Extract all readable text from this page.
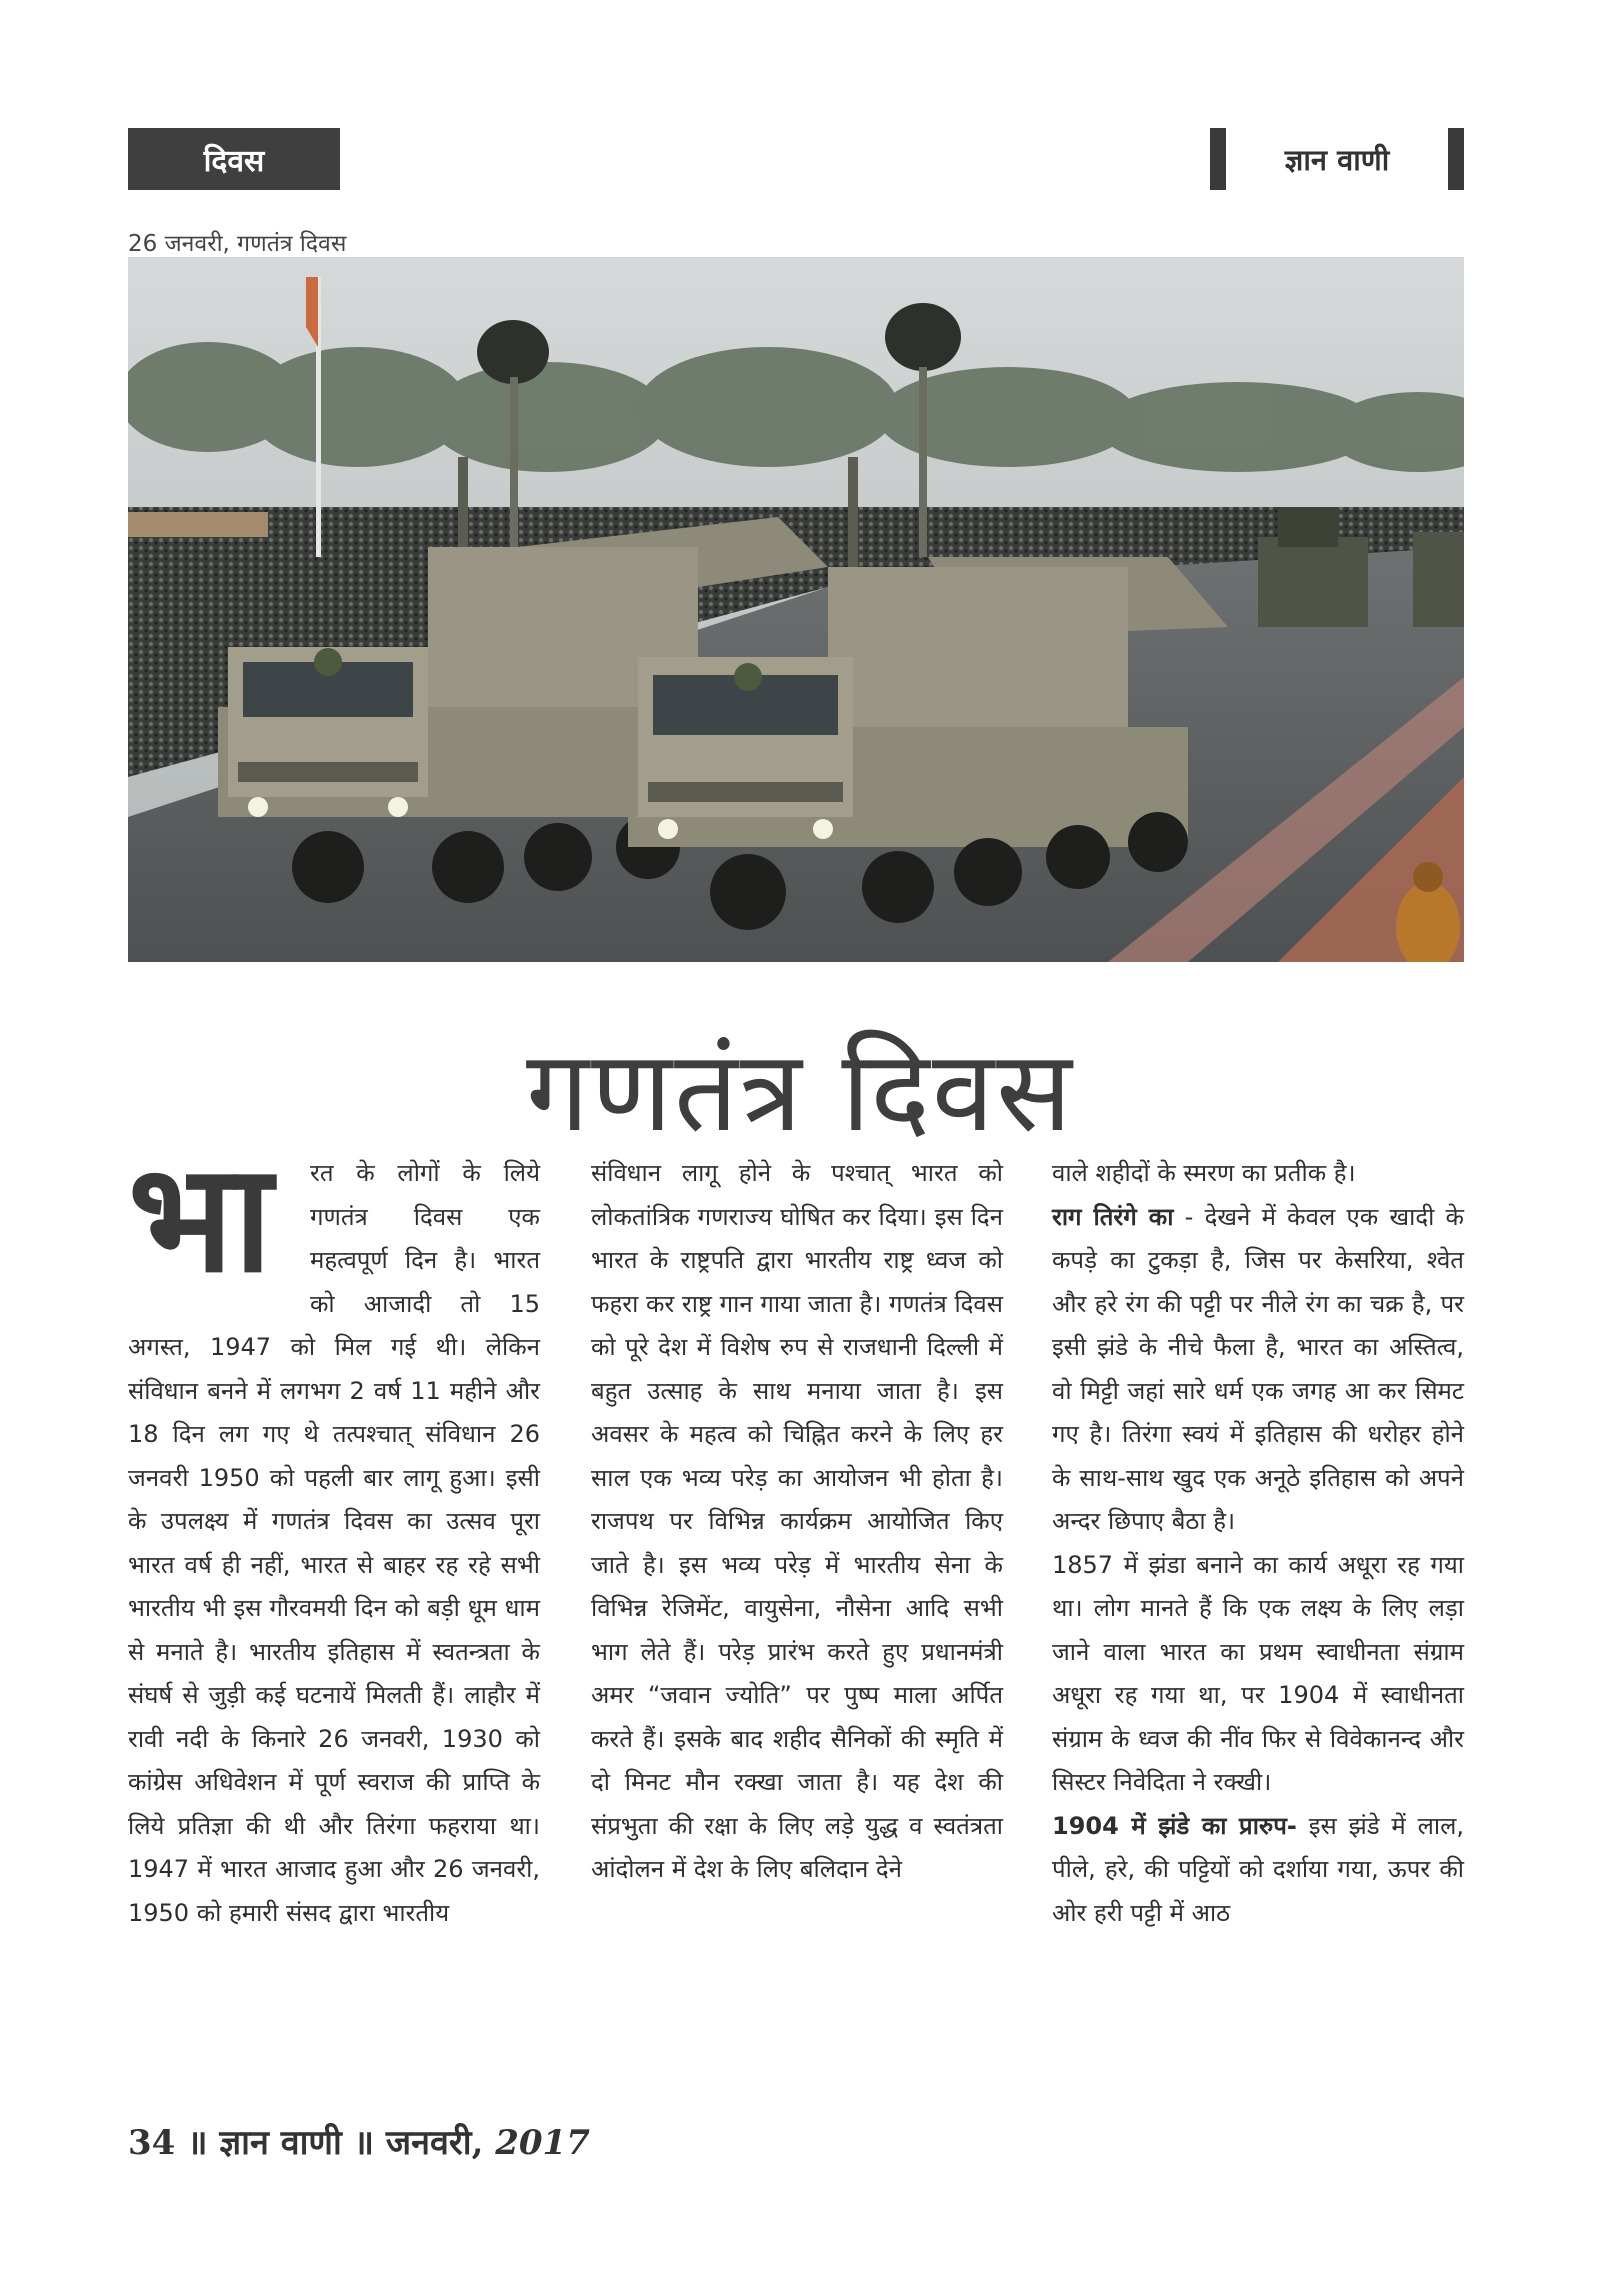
दिवस	ज्ञान वाणी
26 जनवरी, गणतंत्र दिवस
गणतंत्र दिवस
भा	रत के लोगों के लिये गणतंत्र दिवस एक महत्वपूर्ण दिन है। भारत को आजादी तो 15 अगस्त, 1947 को मिल गई थी। लेकिन संविधान बनने में लगभग 2 वर्ष 11 महीने और 18 दिन लग गए थे तत्पश्चात् संविधान 26 जनवरी 1950 को पहली बार लागू हुआ। इसी के उपलक्ष्य में गणतंत्र दिवस का उत्सव पूरा भारत वर्ष ही नहीं, भारत से बाहर रह रहे सभी भारतीय भी इस गौरवमयी दिन को बड़ी धूम धाम से मनाते है। भारतीय इतिहास में स्वतन्त्रता के संघर्ष से जुड़ी कई घटनायें मिलती हैं। लाहौर में रावी नदी के किनारे 26 जनवरी, 1930 को कांग्रेस अधिवेशन में पूर्ण स्वराज की प्राप्ति के लिये प्रतिज्ञा की थी और तिरंगा फहराया था। 1947 में भारत आजाद हुआ और 26 जनवरी, 1950 को हमारी संसद द्वारा भारतीय

संविधान लागू होने के पश्चात् भारत को लोकतांत्रिक गणराज्य घोषित कर दिया। इस दिन भारत के राष्ट्रपति द्वारा भारतीय राष्ट्र ध्वज को फहरा कर राष्ट्र गान गाया जाता है। गणतंत्र दिवस को पूरे देश में विशेष रुप से राजधानी दिल्ली में बहुत उत्साह के साथ मनाया जाता है। इस अवसर के महत्व को चिह्नित करने के लिए हर साल एक भव्य परेड़ का आयोजन भी होता है। राजपथ पर विभिन्न कार्यक्रम आयोजित किए जाते है। इस भव्य परेड़ में भारतीय सेना के विभिन्न रेजिमेंट, वायुसेना, नौसेना आदि सभी भाग लेते हैं। परेड़ प्रारंभ करते हुए प्रधानमंत्री अमर “जवान ज्योति” पर पुष्प माला अर्पित करते हैं। इसके बाद शहीद सैनिकों की स्मृति में दो मिनट मौन रक्खा जाता है। यह देश की संप्रभुता की रक्षा के लिए लड़े युद्ध व स्वतंत्रता आंदोलन में देश के लिए बलिदान देने

वाले शहीदों के स्मरण का प्रतीक है।

राग तिरंगे का - देखने में केवल एक खादी के कपड़े का टुकड़ा है, जिस पर केसरिया, श्वेत और हरे रंग की पट्टी पर नीले रंग का चक्र है, पर इसी झंडे के नीचे फैला है, भारत का अस्तित्व, वो मिट्टी जहां सारे धर्म एक जगह आ कर सिमट गए है। तिरंगा स्वयं में इतिहास की धरोहर होने के साथ-साथ खुद एक अनूठे इतिहास को अपने अन्दर छिपाए बैठा है।

1857 में झंडा बनाने का कार्य अधूरा रह गया था। लोग मानते हैं कि एक लक्ष्य के लिए लड़ा जाने वाला भारत का प्रथम स्वाधीनता संग्राम अधूरा रह गया था, पर 1904 में स्वाधीनता संग्राम के ध्वज की नींव फिर से विवेकानन्द और सिस्टर निवेदिता ने रक्खी।

1904 में झंडे का प्रारुप- इस झंडे में लाल, पीले, हरे, की पट्टियों को दर्शाया गया, ऊपर की ओर हरी पट्टी में आठ

34 ॥ ज्ञान वाणी ॥ जनवरी, 2017
